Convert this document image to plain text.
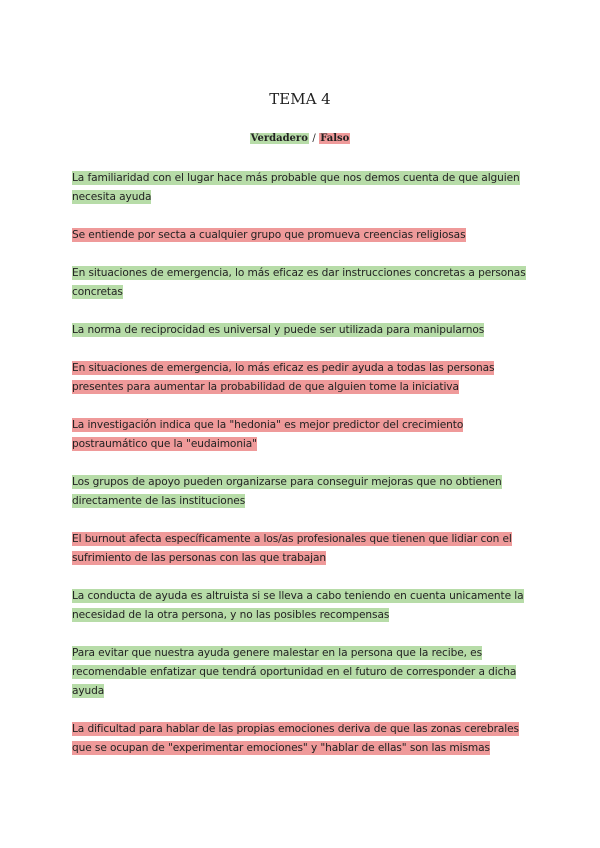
TEMA 4
Verdadero / Falso

La familiaridad con el lugar hace más probable que nos demos cuenta de que alguien necesita ayuda

Se entiende por secta a cualquier grupo que promueva creencias religiosas

En situaciones de emergencia, lo más eficaz es dar instrucciones concretas a personas concretas

La norma de reciprocidad es universal y puede ser utilizada para manipularnos

En situaciones de emergencia, lo más eficaz es pedir ayuda a todas las personas presentes para aumentar la probabilidad de que alguien tome la iniciativa

La investigación indica que la "hedonia" es mejor predictor del crecimiento postraumático que la "eudaimonia"

Los grupos de apoyo pueden organizarse para conseguir mejoras que no obtienen directamente de las instituciones

El burnout afecta específicamente a los/as profesionales que tienen que lidiar con el sufrimiento de las personas con las que trabajan

La conducta de ayuda es altruista si se lleva a cabo teniendo en cuenta unicamente la necesidad de la otra persona, y no las posibles recompensas

Para evitar que nuestra ayuda genere malestar en la persona que la recibe, es recomendable enfatizar que tendrá oportunidad en el futuro de corresponder a dicha ayuda

La dificultad para hablar de las propias emociones deriva de que las zonas cerebrales que se ocupan de "experimentar emociones" y "hablar de ellas" son las mismas
